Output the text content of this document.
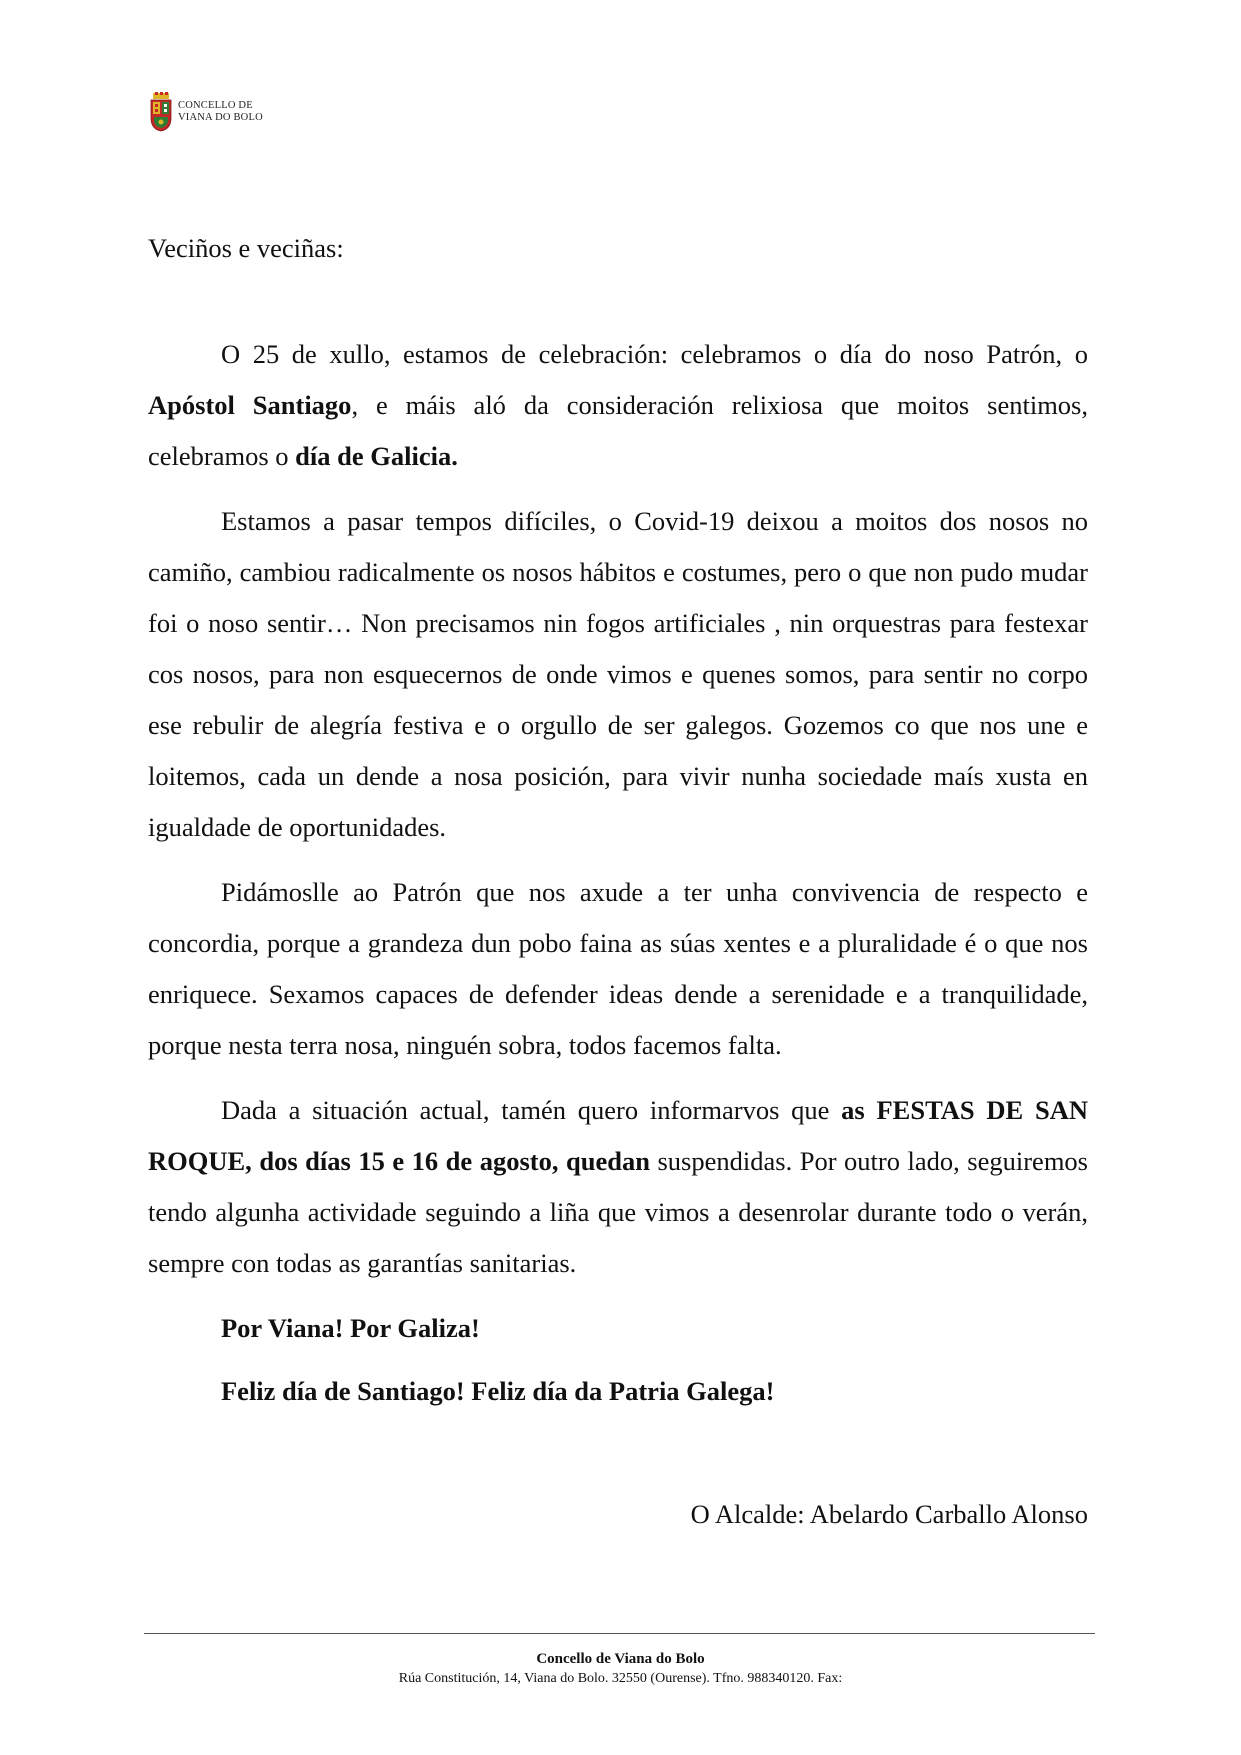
CONCELLO DE
VIANA DO BOLO

Veciños e veciñas:

O 25 de xullo, estamos de celebración: celebramos o día do noso Patrón, o Apóstol Santiago, e máis aló da consideración relixiosa que moitos sentimos, celebramos o día de Galicia.

Estamos a pasar tempos difíciles, o Covid-19 deixou a moitos dos nosos no camiño, cambiou radicalmente os nosos hábitos e costumes, pero o que non pudo mudar foi o noso sentir… Non precisamos nin fogos artificiales , nin orquestras para festexar cos nosos, para non esquecernos de onde vimos e quenes somos, para sentir no corpo ese rebulir de alegría festiva e o orgullo de ser galegos. Gozemos co que nos une e loitemos, cada un dende a nosa posición, para vivir nunha sociedade maís xusta en igualdade de oportunidades.

Pidámoslle ao Patrón que nos axude a ter unha convivencia de respecto e concordia, porque a grandeza dun pobo faina as súas xentes e a pluralidade é o que nos enriquece. Sexamos capaces de defender ideas dende a serenidade e a tranquilidade, porque nesta terra nosa, ninguén sobra, todos facemos falta.

Dada a situación actual, tamén quero informarvos que as FESTAS DE SAN ROQUE, dos días 15 e 16 de agosto, quedan suspendidas. Por outro lado, seguiremos tendo algunha actividade seguindo a liña que vimos a desenrolar durante todo o verán, sempre con todas as garantías sanitarias.

Por Viana! Por Galiza!

Feliz día de Santiago! Feliz día da Patria Galega!

O Alcalde: Abelardo Carballo Alonso

Concello de Viana do Bolo
Rúa Constitución, 14, Viana do Bolo. 32550 (Ourense). Tfno. 988340120. Fax:
